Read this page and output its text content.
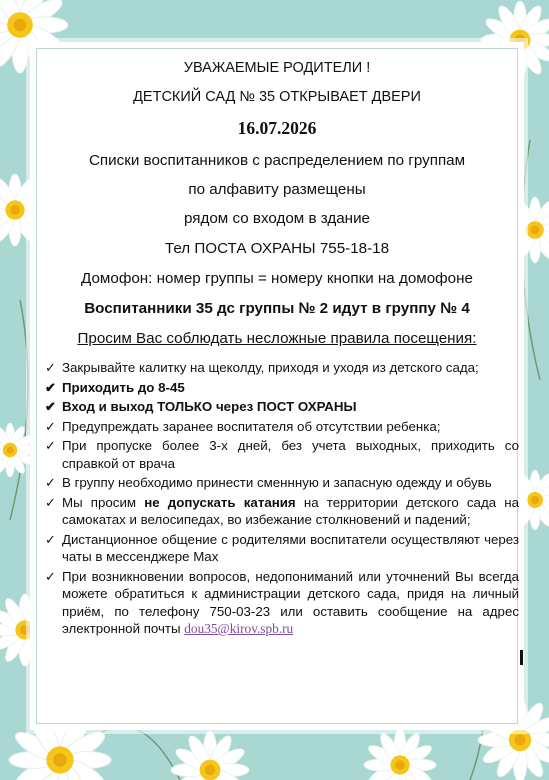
УВАЖАЕМЫЕ РОДИТЕЛИ !
ДЕТСКИЙ САД № 35 ОТКРЫВАЕТ ДВЕРИ
16.07.2026
Списки воспитанников с распределением по группам
по алфавиту размещены
рядом со входом в здание
Тел ПОСТА ОХРАНЫ 755-18-18
Домофон: номер группы = номеру кнопки на домофоне
Воспитанники 35 дс группы № 2 идут в группу № 4
Просим Вас соблюдать несложные правила посещения:
✓ Закрывайте калитку на щеколду, приходя и уходя из детского сада;
✔ Приходить до 8-45
✔ Вход и выход ТОЛЬКО через ПОСТ ОХРАНЫ
✓ Предупреждать заранее воспитателя об отсутствии ребенка;
✓ При пропуске более 3-х дней, без учета выходных, приходить со справкой от врача
✓ В группу необходимо принести сменнную и запасную одежду и обувь
✓ Мы просим не допускать катания на территории детского сада на самокатах и велосипедах, во избежание столкновений и падений;
✓ Дистанционное общение с родителями воспитатели осуществляют через чаты в мессенджере Max
✓ При возникновении вопросов, недопониманий или уточнений Вы всегда можете обратиться к администрации детского сада, придя на личный приём, по телефону 750-03-23 или оставить сообщение на адрес электронной почты dou35@kirov.spb.ru
